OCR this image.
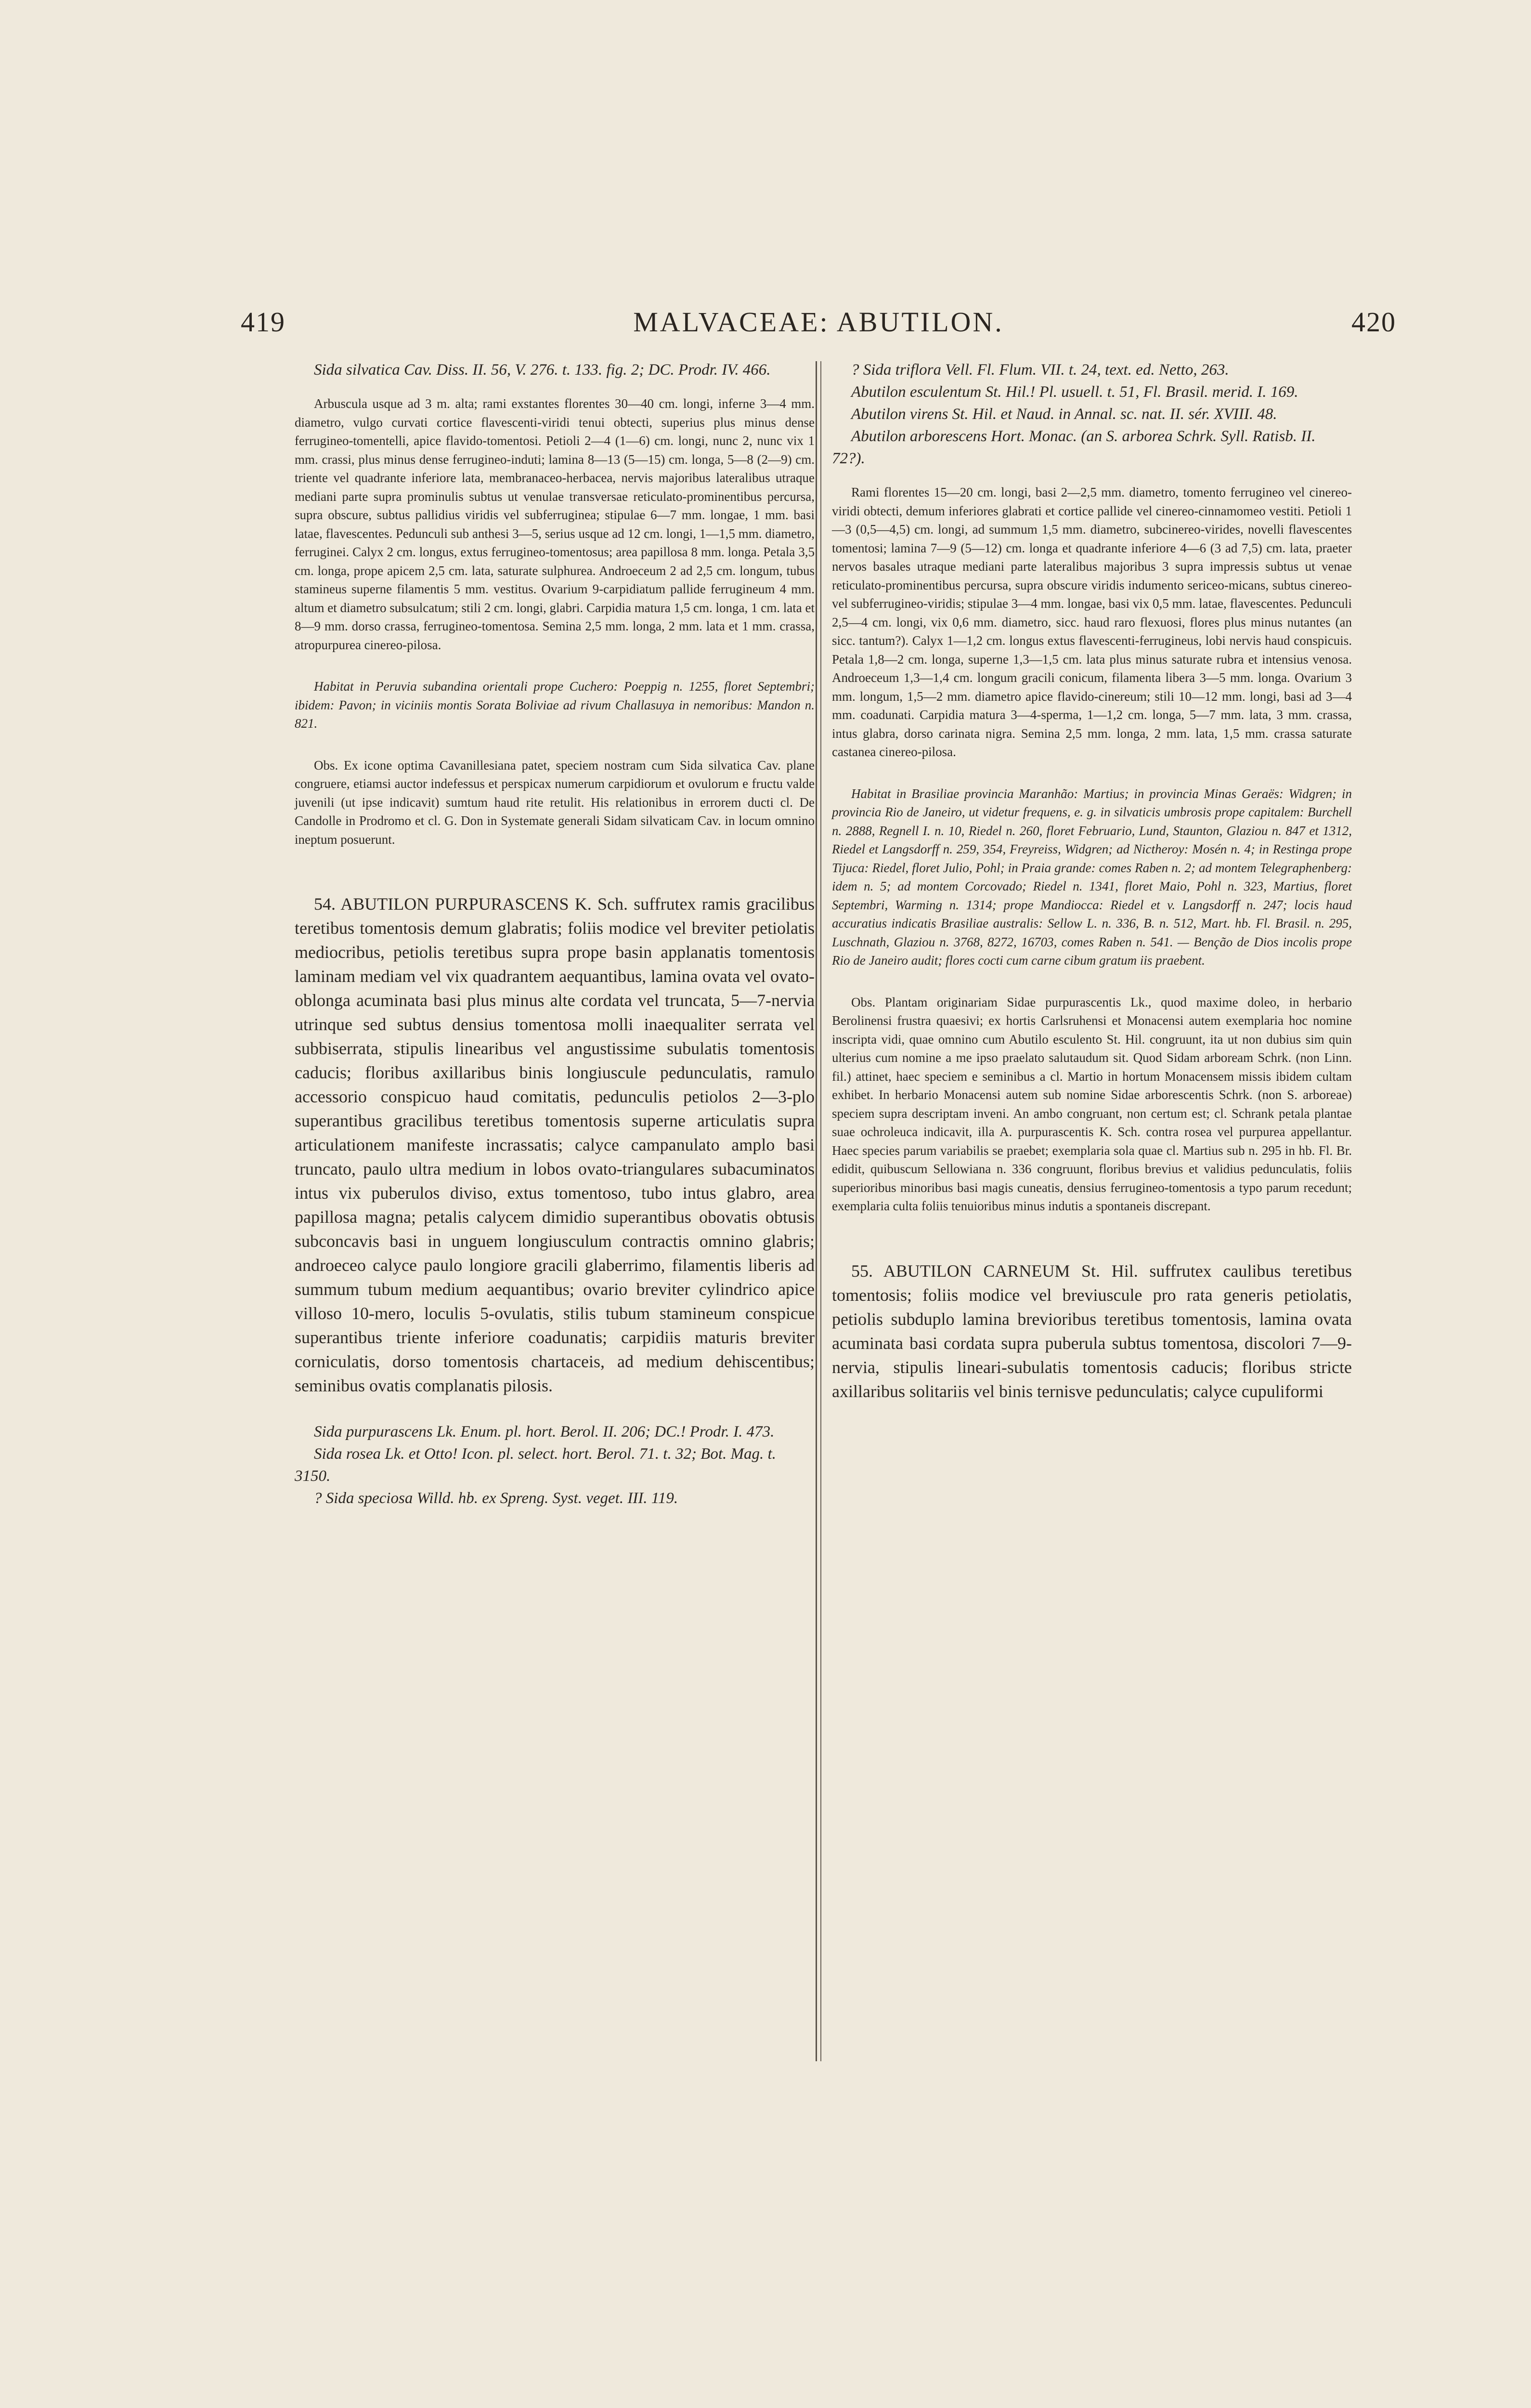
419	MALVACEAE: ABUTILON.	420

Sida silvatica Cav. Diss. II. 56, V. 276. t. 133. fig. 2; DC. Prodr. IV. 466.

Arbuscula usque ad 3 m. alta; rami exstantes florentes 30—40 cm. longi, inferne 3—4 mm. diametro, vulgo curvati cortice flavescenti-viridi tenui obtecti, superius plus minus dense ferrugineo-tomentelli, apice flavido-tomentosi. Petioli 2—4 (1—6) cm. longi, nunc 2, nunc vix 1 mm. crassi, plus minus dense ferrugineo-induti; lamina 8—13 (5—15) cm. longa, 5—8 (2—9) cm. triente vel quadrante inferiore lata, membranaceo-herbacea, nervis majoribus lateralibus utraque mediani parte supra prominulis subtus ut venulae transversae reticulato-prominentibus percursa, supra obscure, subtus pallidius viridis vel subferruginea; stipulae 6—7 mm. longae, 1 mm. basi latae, flavescentes. Pedunculi sub anthesi 3—5, serius usque ad 12 cm. longi, 1—1,5 mm. diametro, ferruginei. Calyx 2 cm. longus, extus ferrugineo-tomentosus; area papillosa 8 mm. longa. Petala 3,5 cm. longa, prope apicem 2,5 cm. lata, saturate sulphurea. Androeceum 2 ad 2,5 cm. longum, tubus stamineus superne filamentis 5 mm. vestitus. Ovarium 9-carpidiatum pallide ferrugineum 4 mm. altum et diametro subsulcatum; stili 2 cm. longi, glabri. Carpidia matura 1,5 cm. longa, 1 cm. lata et 8—9 mm. dorso crassa, ferrugineo-tomentosa. Semina 2,5 mm. longa, 2 mm. lata et 1 mm. crassa, atropurpurea cinereo-pilosa.

Habitat in Peruvia subandina orientali prope Cuchero: Poeppig n. 1255, floret Septembri; ibidem: Pavon; in viciniis montis Sorata Boliviae ad rivum Challasuya in nemoribus: Mandon n. 821.

Obs. Ex icone optima Cavanillesiana patet, speciem nostram cum Sida silvatica Cav. plane congruere, etiamsi auctor indefessus et perspicax numerum carpidiorum et ovulorum e fructu valde juvenili (ut ipse indicavit) sumtum haud rite retulit. His relationibus in errorem ducti cl. De Candolle in Prodromo et cl. G. Don in Systemate generali Sidam silvaticam Cav. in locum omnino ineptum posuerunt.

54. ABUTILON PURPURASCENS K. Sch. suffrutex ramis gracilibus teretibus tomentosis demum glabratis; foliis modice vel breviter petiolatis mediocribus, petiolis teretibus supra prope basin applanatis tomentosis laminam mediam vel vix quadrantem aequantibus, lamina ovata vel ovato-oblonga acuminata basi plus minus alte cordata vel truncata, 5—7-nervia utrinque sed subtus densius tomentosa molli inaequaliter serrata vel subbiserrata, stipulis linearibus vel angustissime subulatis tomentosis caducis; floribus axillaribus binis longiuscule pedunculatis, ramulo accessorio conspicuo haud comitatis, pedunculis petiolos 2—3-plo superantibus gracilibus teretibus tomentosis superne articulatis supra articulationem manifeste incrassatis; calyce campanulato amplo basi truncato, paulo ultra medium in lobos ovato-triangulares subacuminatos intus vix puberulos diviso, extus tomentoso, tubo intus glabro, area papillosa magna; petalis calycem dimidio superantibus obovatis obtusis subconcavis basi in unguem longiusculum contractis omnino glabris; androeceo calyce paulo longiore gracili glaberrimo, filamentis liberis ad summum tubum medium aequantibus; ovario breviter cylindrico apice villoso 10-mero, loculis 5-ovulatis, stilis tubum stamineum conspicue superantibus triente inferiore coadunatis; carpidiis maturis breviter corniculatis, dorso tomentosis chartaceis, ad medium dehiscentibus; seminibus ovatis complanatis pilosis.

Sida purpurascens Lk. Enum. pl. hort. Berol. II. 206; DC.! Prodr. I. 473.

Sida rosea Lk. et Otto! Icon. pl. select. hort. Berol. 71. t. 32; Bot. Mag. t. 3150.

? Sida speciosa Willd. hb. ex Spreng. Syst. veget. III. 119.

? Sida triflora Vell. Fl. Flum. VII. t. 24, text. ed. Netto, 263.

Abutilon esculentum St. Hil.! Pl. usuell. t. 51, Fl. Brasil. merid. I. 169.

Abutilon virens St. Hil. et Naud. in Annal. sc. nat. II. sér. XVIII. 48.

Abutilon arborescens Hort. Monac. (an S. arborea Schrk. Syll. Ratisb. II. 72?).

Rami florentes 15—20 cm. longi, basi 2—2,5 mm. diametro, tomento ferrugineo vel cinereo-viridi obtecti, demum inferiores glabrati et cortice pallide vel cinereo-cinnamomeo vestiti. Petioli 1—3 (0,5—4,5) cm. longi, ad summum 1,5 mm. diametro, subcinereo-virides, novelli flavescentes tomentosi; lamina 7—9 (5—12) cm. longa et quadrante inferiore 4—6 (3 ad 7,5) cm. lata, praeter nervos basales utraque mediani parte lateralibus majoribus 3 supra impressis subtus ut venae reticulato-prominentibus percursa, supra obscure viridis indumento sericeo-micans, subtus cinereo- vel subferrugineo-viridis; stipulae 3—4 mm. longae, basi vix 0,5 mm. latae, flavescentes. Pedunculi 2,5—4 cm. longi, vix 0,6 mm. diametro, sicc. haud raro flexuosi, flores plus minus nutantes (an sicc. tantum?). Calyx 1—1,2 cm. longus extus flavescenti-ferrugineus, lobi nervis haud conspicuis. Petala 1,8—2 cm. longa, superne 1,3—1,5 cm. lata plus minus saturate rubra et intensius venosa. Androeceum 1,3—1,4 cm. longum gracili conicum, filamenta libera 3—5 mm. longa. Ovarium 3 mm. longum, 1,5—2 mm. diametro apice flavido-cinereum; stili 10—12 mm. longi, basi ad 3—4 mm. coadunati. Carpidia matura 3—4-sperma, 1—1,2 cm. longa, 5—7 mm. lata, 3 mm. crassa, intus glabra, dorso carinata nigra. Semina 2,5 mm. longa, 2 mm. lata, 1,5 mm. crassa saturate castanea cinereo-pilosa.

Habitat in Brasiliae provincia Maranhão: Martius; in provincia Minas Geraës: Widgren; in provincia Rio de Janeiro, ut videtur frequens, e. g. in silvaticis umbrosis prope capitalem: Burchell n. 2888, Regnell I. n. 10, Riedel n. 260, floret Februario, Lund, Staunton, Glaziou n. 847 et 1312, Riedel et Langsdorff n. 259, 354, Freyreiss, Widgren; ad Nictheroy: Mosén n. 4; in Restinga prope Tijuca: Riedel, floret Julio, Pohl; in Praia grande: comes Raben n. 2; ad montem Telegraphenberg: idem n. 5; ad montem Corcovado; Riedel n. 1341, floret Maio, Pohl n. 323, Martius, floret Septembri, Warming n. 1314; prope Mandiocca: Riedel et v. Langsdorff n. 247; locis haud accuratius indicatis Brasiliae australis: Sellow L. n. 336, B. n. 512, Mart. hb. Fl. Brasil. n. 295, Luschnath, Glaziou n. 3768, 8272, 16703, comes Raben n. 541. — Benção de Dios incolis prope Rio de Janeiro audit; flores cocti cum carne cibum gratum iis praebent.

Obs. Plantam originariam Sidae purpurascentis Lk., quod maxime doleo, in herbario Berolinensi frustra quaesivi; ex hortis Carlsruhensi et Monacensi autem exemplaria hoc nomine inscripta vidi, quae omnino cum Abutilo esculento St. Hil. congruunt, ita ut non dubius sim quin ulterius cum nomine a me ipso praelato salutaudum sit. Quod Sidam arboream Schrk. (non Linn. fil.) attinet, haec speciem e seminibus a cl. Martio in hortum Monacensem missis ibidem cultam exhibet. In herbario Monacensi autem sub nomine Sidae arborescentis Schrk. (non S. arboreae) speciem supra descriptam inveni. An ambo congruant, non certum est; cl. Schrank petala plantae suae ochroleuca indicavit, illa A. purpurascentis K. Sch. contra rosea vel purpurea appellantur. Haec species parum variabilis se praebet; exemplaria sola quae cl. Martius sub n. 295 in hb. Fl. Br. edidit, quibuscum Sellowiana n. 336 congruunt, floribus brevius et validius pedunculatis, foliis superioribus minoribus basi magis cuneatis, densius ferrugineo-tomentosis a typo parum recedunt; exemplaria culta foliis tenuioribus minus indutis a spontaneis discrepant.

55. ABUTILON CARNEUM St. Hil. suffrutex caulibus teretibus tomentosis; foliis modice vel breviuscule pro rata generis petiolatis, petiolis subduplo lamina brevioribus teretibus tomentosis, lamina ovata acuminata basi cordata supra puberula subtus tomentosa, discolori 7—9-nervia, stipulis lineari-subulatis tomentosis caducis; floribus stricte axillaribus solitariis vel binis ternisve pedunculatis; calyce cupuliformi
